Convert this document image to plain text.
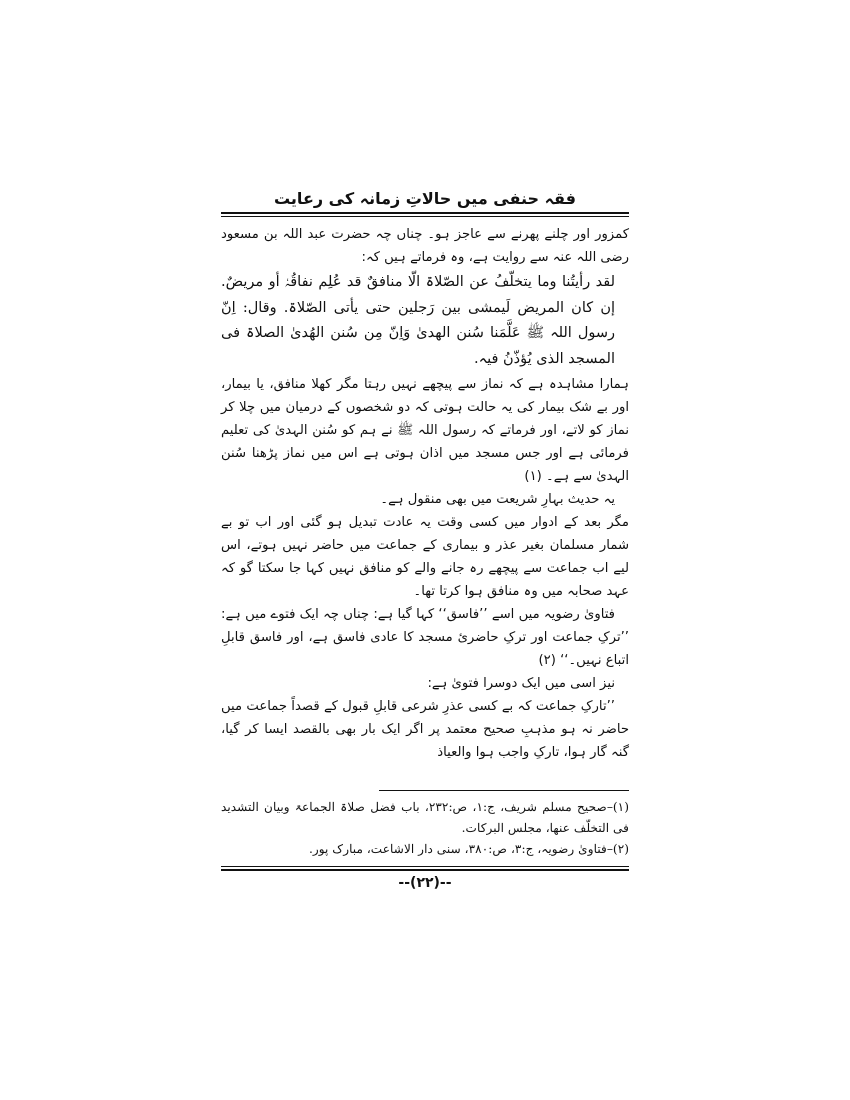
فقہ حنفی میں حالاتِ زمانہ کی رعایت

کمزور اور چلنے پھرنے سے عاجز ہو۔ چناں چہ حضرت عبد اللہ بن مسعود رضی اللہ عنہ سے روایت ہے، وہ فرماتے ہیں کہ:

لقد رأیتُنا وما یتخلّفُ عن الصّلاۃ الّا منافقٌ قد عُلِم نفاقُہٗ أو مریضٌ. إن کان المریض لَیمشی بین رَجلین حتی یأتی الصّلاۃ. وقال: اِنّ رسول اللہ ﷺ عَلَّمَنا سُنن الھدیٰ وَاِنّ مِن سُنن الھُدیٰ الصلاۃ فی المسجد الذی یُؤذّنُ فیہ.

ہمارا مشاہدہ ہے کہ نماز سے پیچھے نہیں رہتا مگر کھلا منافق، یا بیمار، اور بے شک بیمار کی یہ حالت ہوتی کہ دو شخصوں کے درمیان میں چلا کر نماز کو لاتے، اور فرماتے کہ رسول اللہ ﷺ نے ہم کو سُنن الہدیٰ کی تعلیم فرمائی ہے اور جس مسجد میں اذان ہوتی ہے اس میں نماز پڑھنا سُنن الہدیٰ سے ہے۔ (۱)

یہ حدیث بہارِ شریعت میں بھی منقول ہے۔

مگر بعد کے ادوار میں کسی وقت یہ عادت تبدیل ہو گئی اور اب تو بے شمار مسلمان بغیر عذر و بیماری کے جماعت میں حاضر نہیں ہوتے، اس لیے اب جماعت سے پیچھے رہ جانے والے کو منافق نہیں کہا جا سکتا گو کہ عہد صحابہ میں وہ منافق ہوا کرتا تھا۔

فتاویٰ رضویہ میں اسے ’’فاسق‘‘ کہا گیا ہے: چناں چہ ایک فتوے میں ہے: ’’ترکِ جماعت اور ترکِ حاضریٔ مسجد کا عادی فاسق ہے، اور فاسق قابلِ اتباع نہیں۔‘‘ (۲)

نیز اسی میں ایک دوسرا فتویٰ ہے:

’’تارکِ جماعت کہ بے کسی عذرِ شرعی قابلِ قبول کے قصداً جماعت میں حاضر نہ ہو مذہبِ صحیح معتمد پر اگر ایک بار بھی بالقصد ایسا کر گیا، گنہ گار ہوا، تارکِ واجب ہوا والعیاذ

(۱)–صحیح مسلم شریف، ج:۱، ص:۲۳۲، باب فضل صلاۃ الجماعۃ وبیان التشدید فی التخلّف عنھا، مجلس البرکات.

(۲)–فتاویٰ رضویہ، ج:۳، ص:۳۸۰، سنی دار الاشاعت، مبارک پور.

--(۲۲)--
